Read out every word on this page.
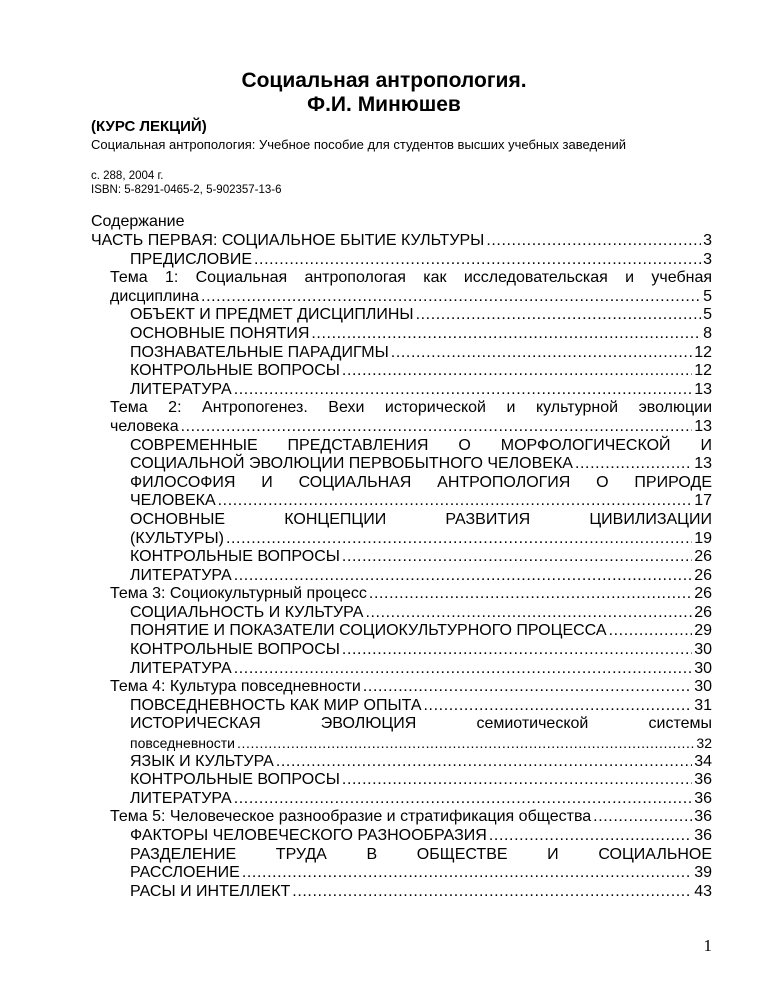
Социальная антропология.
Ф.И. Минюшев
(КУРС ЛЕКЦИЙ)
Социальная антропология: Учебное пособие для студентов высших учебных заведений
с. 288, 2004 г.
ISBN: 5-8291-0465-2, 5-902357-13-6
Содержание
ЧАСТЬ ПЕРВАЯ: СОЦИАЛЬНОЕ БЫТИЕ КУЛЬТУРЫ .....	3
ПРЕДИСЛОВИЕ .....	3
Тема 1: Социальная антропологая как исследовательская и учебная
дисциплина .....	5
ОБЪЕКТ И ПРЕДМЕТ ДИСЦИПЛИНЫ .....	5
ОСНОВНЫЕ ПОНЯТИЯ .....	8
ПОЗНАВАТЕЛЬНЫЕ ПАРАДИГМЫ .....	12
КОНТРОЛЬНЫЕ ВОПРОСЫ .....	12
ЛИТЕРАТУРА .....	13
Тема 2: Антропогенез. Вехи исторической и культурной эволюции
человека .....	13
СОВРЕМЕННЫЕ ПРЕДСТАВЛЕНИЯ О МОРФОЛОГИЧЕСКОЙ И
СОЦИАЛЬНОЙ ЭВОЛЮЦИИ ПЕРВОБЫТНОГО ЧЕЛОВЕКА .....	13
ФИЛОСОФИЯ И СОЦИАЛЬНАЯ АНТРОПОЛОГИЯ О ПРИРОДЕ
ЧЕЛОВЕКА .....	17
ОСНОВНЫЕ КОНЦЕПЦИИ РАЗВИТИЯ ЦИВИЛИЗАЦИИ
(КУЛЬТУРЫ) .....	19
КОНТРОЛЬНЫЕ ВОПРОСЫ .....	26
ЛИТЕРАТУРА .....	26
Тема 3: Социокультурный процесс .....	26
СОЦИАЛЬНОСТЬ И КУЛЬТУРА .....	26
ПОНЯТИЕ И ПОКАЗАТЕЛИ СОЦИОКУЛЬТУРНОГО ПРОЦЕССА .....	29
КОНТРОЛЬНЫЕ ВОПРОСЫ .....	30
ЛИТЕРАТУРА .....	30
Тема 4: Культура повседневности .....	30
ПОВСЕДНЕВНОСТЬ КАК МИР ОПЫТА .....	31
ИСТОРИЧЕСКАЯ ЭВОЛЮЦИЯ семиотической системы
повседневности .....	32
ЯЗЫК И КУЛЬТУРА .....	34
КОНТРОЛЬНЫЕ ВОПРОСЫ .....	36
ЛИТЕРАТУРА .....	36
Тема 5: Человеческое разнообразие и стратификация общества .....	36
ФАКТОРЫ ЧЕЛОВЕЧЕСКОГО РАЗНООБРАЗИЯ .....	36
РАЗДЕЛЕНИЕ ТРУДА В ОБЩЕСТВЕ И СОЦИАЛЬНОЕ
РАССЛОЕНИЕ .....	39
РАСЫ И ИНТЕЛЛЕКТ .....	43
1
